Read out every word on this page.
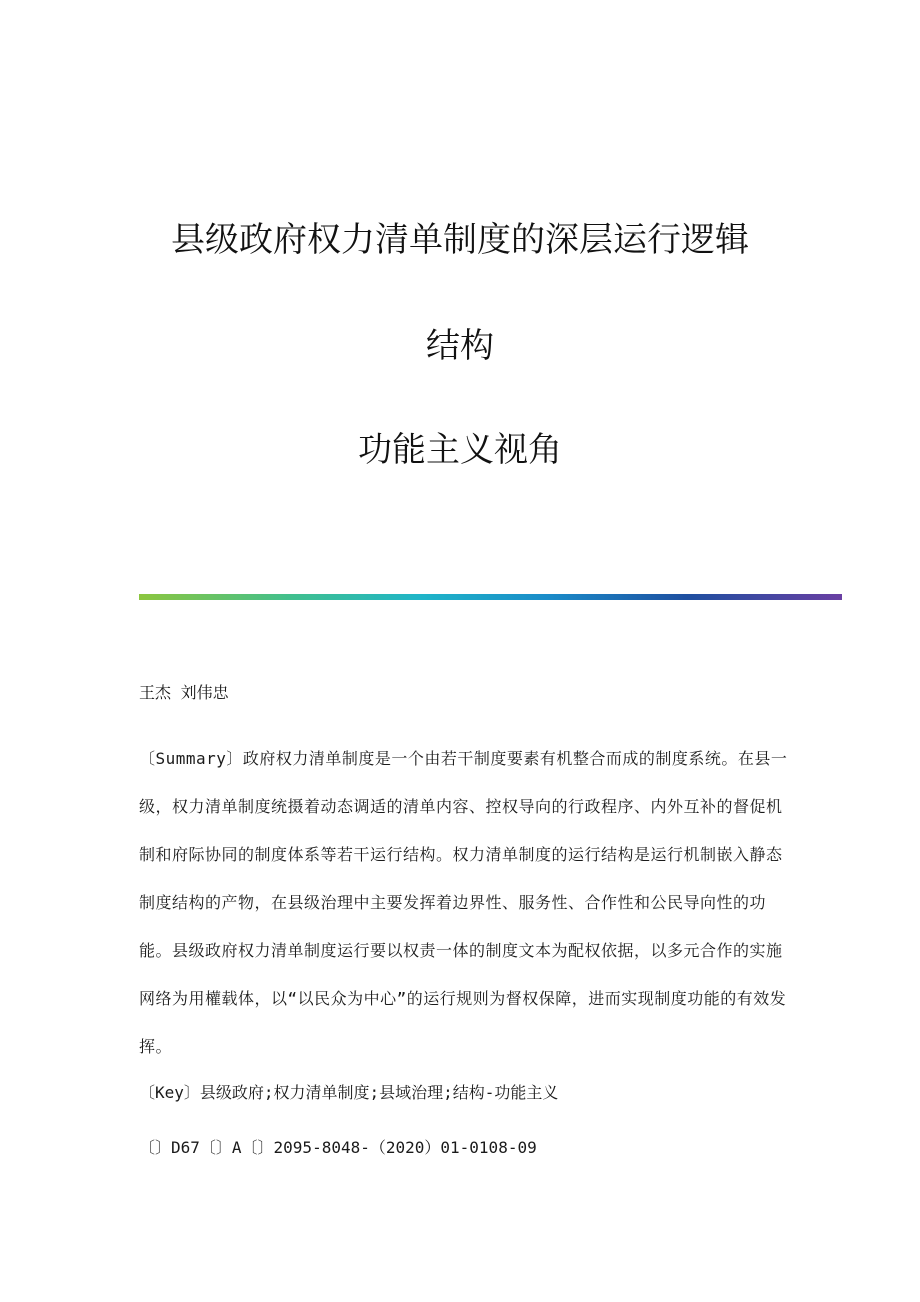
县级政府权力清单制度的深层运行逻辑
结构
功能主义视角
王杰 刘伟忠
〔Summary〕政府权力清单制度是一个由若干制度要素有机整合而成的制度系统。在县一级，权力清单制度统摄着动态调适的清单内容、控权导向的行政程序、内外互补的督促机制和府际协同的制度体系等若干运行结构。权力清单制度的运行结构是运行机制嵌入静态制度结构的产物，在县级治理中主要发挥着边界性、服务性、合作性和公民导向性的功能。县级政府权力清单制度运行要以权责一体的制度文本为配权依据，以多元合作的实施网络为用權载体，以“以民众为中心”的运行规则为督权保障，进而实现制度功能的有效发挥。
〔Key〕县级政府;权力清单制度;县域治理;结构-功能主义
〔〕D67〔〕A〔〕2095-8048-（2020）01-0108-09
